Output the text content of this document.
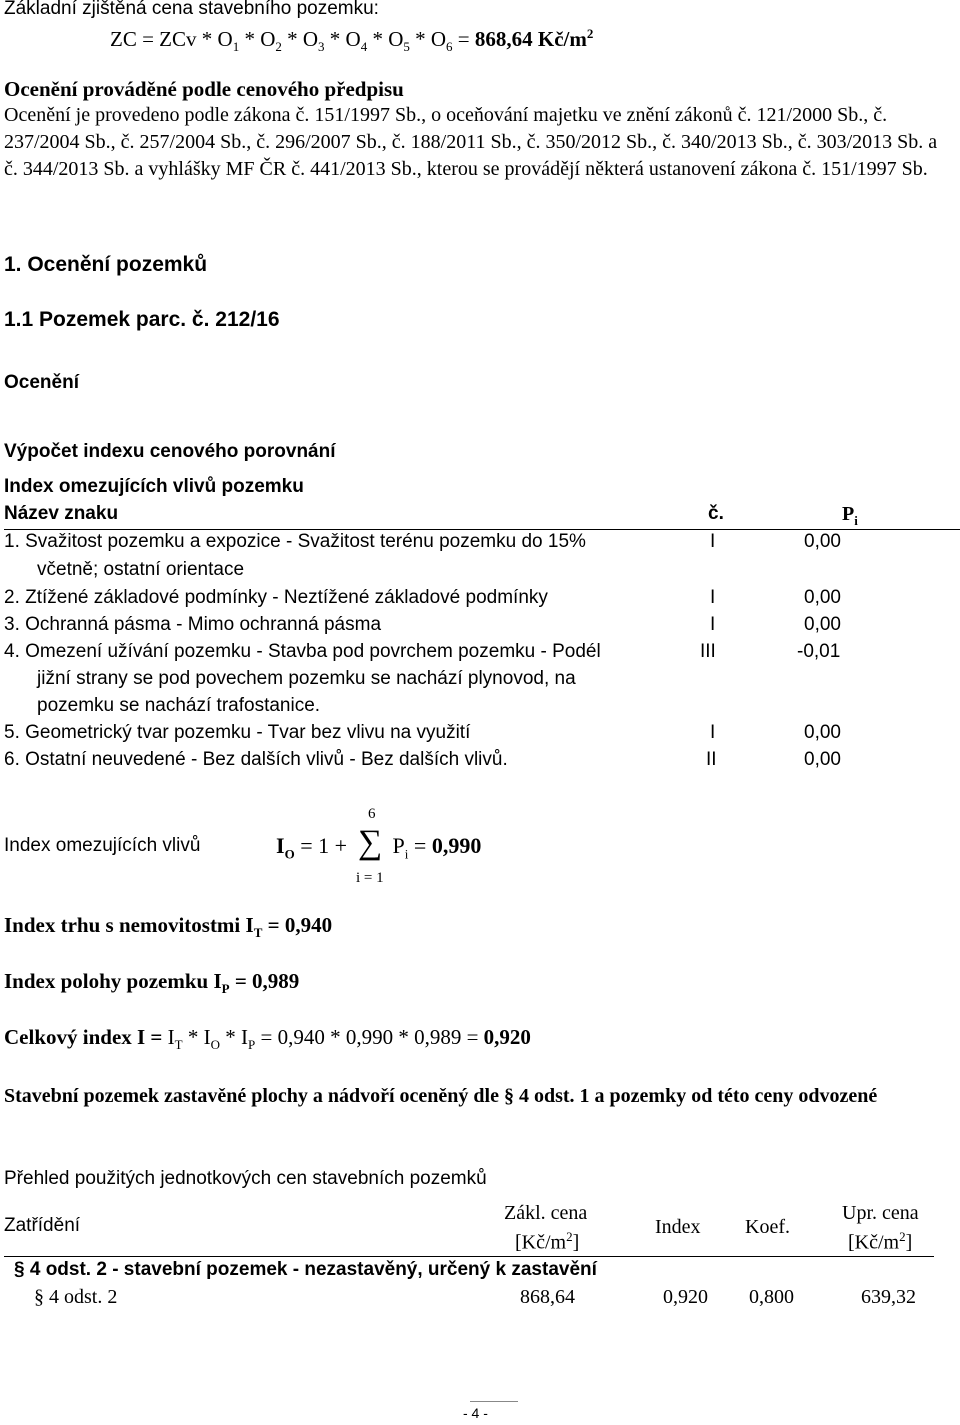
Základní zjištěná cena stavebního pozemku:
ZC = ZCv * $O_1 * O_2 * O_3 * O_4 * O_5 * O_6 = 868,64$ $Kč/m^2$
Ocenění prováděné podle cenového předpisu
Ocenění je provedeno podle zákona č. 151/1997 Sb., o oceňování majetku ve znění zákonů č. 121/2000 Sb., č. 237/2004 Sb., č. 257/2004 Sb., č. 296/2007 Sb., č. 188/2011 Sb., č. 350/2012 Sb., č. 340/2013 Sb., č. 303/2013 Sb. a č. 344/2013 Sb. a vyhlášky MF ČR č. 441/2013 Sb., kterou se provádějí některá ustanovení zákona č. 151/1997 Sb.
1. Ocenění pozemků
1.1 Pozemek parc. č. 212/16
Ocenění
Výpočet indexu cenového porovnání
Index omezujících vlivů pozemku
Název znaku	č.	$P_i$
1. Svažitost pozemku a expozice - Svažitost terénu pozemku do 15%
včetně; ostatní orientace
I	0,00
2. Ztížené základové podmínky - Neztížené základové podmínky	I	0,00
3. Ochranná pásma - Mimo ochranná pásma	I	0,00
4. Omezení užívání pozemku - Stavba pod povrchem pozemku - Podél
jižní strany se pod povechem pozemku se nachází plynovod, na
pozemku se nachází trafostanice.
III	-0,01
5. Geometrický tvar pozemku - Tvar bez vlivu na využití	I	0,00
6. Ostatní neuvedené - Bez dalších vlivů - Bez dalších vlivů.	II	0,00
Index omezujících vlivů	$I_O = 1 + P_i = 0,990$
6
∑
i = 1
Index trhu s nemovitostmi $I_T = 0,940$
Index polohy pozemku $I_P = 0,989$
Celkový index $I = I_T * I_O * I_P = 0,940 * 0,990 * 0,989 = 0,920$
Stavební pozemek zastavěné plochy a nádvoří oceněný dle § 4 odst. 1 a pozemky od této ceny odvozené
Přehled použitých jednotkových cen stavebních pozemků
Zatřídění
Zákl. cena
$[Kč/m^2]$
Index Koef.
Upr. cena
$[Kč/m^2]$
§ 4 odst. 2 - stavební pozemek - nezastavěný, určený k zastavění
§ 4 odst. 2	868,64	0,920 0,800	639,32
- 4 -
